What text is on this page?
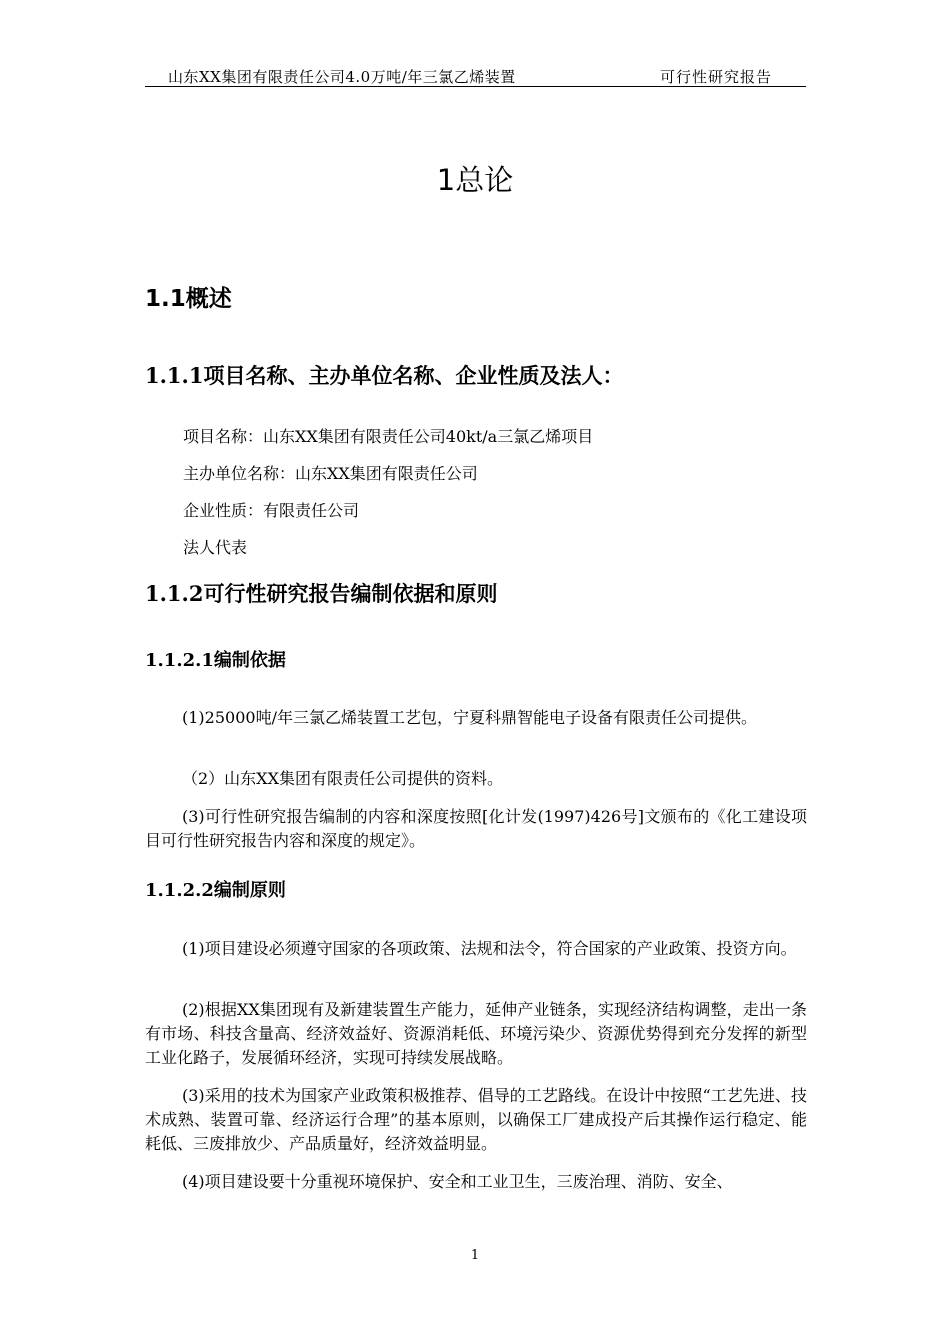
山东XX集团有限责任公司4.0万吨/年三氯乙烯装置	可行性研究报告
1总论
1.1概述
1.1.1项目名称、主办单位名称、企业性质及法人：
项目名称：山东XX集团有限责任公司40kt/a三氯乙烯项目
主办单位名称：山东XX集团有限责任公司
企业性质：有限责任公司
法人代表
1.1.2可行性研究报告编制依据和原则
1.1.2.1编制依据
(1)25000吨/年三氯乙烯装置工艺包，宁夏科鼎智能电子设备有限责任公司提供。
（2）山东XX集团有限责任公司提供的资料。
(3)可行性研究报告编制的内容和深度按照[化计发(1997)426号]文颁布的《化工建设项目可行性研究报告内容和深度的规定》。
1.1.2.2编制原则
(1)项目建设必须遵守国家的各项政策、法规和法令，符合国家的产业政策、投资方向。
(2)根据XX集团现有及新建装置生产能力，延伸产业链条，实现经济结构调整，走出一条有市场、科技含量高、经济效益好、资源消耗低、环境污染少、资源优势得到充分发挥的新型工业化路子，发展循环经济，实现可持续发展战略。
(3)采用的技术为国家产业政策积极推荐、倡导的工艺路线。在设计中按照“工艺先进、技术成熟、装置可靠、经济运行合理”的基本原则，以确保工厂建成投产后其操作运行稳定、能耗低、三废排放少、产品质量好，经济效益明显。
(4)项目建设要十分重视环境保护、安全和工业卫生，三废治理、消防、安全、
1
